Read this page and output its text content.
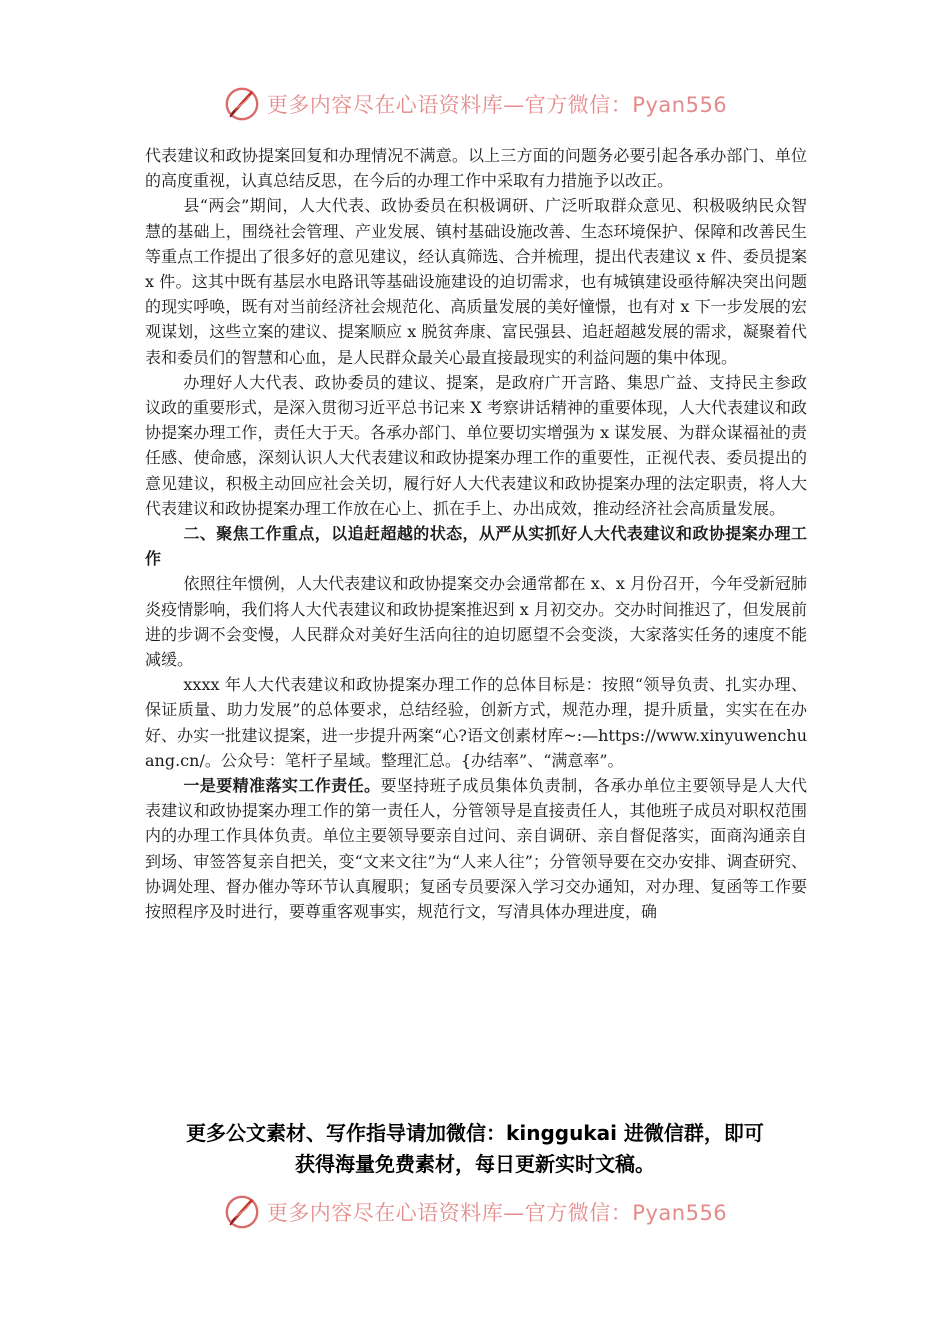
更多内容尽在心语资料库—官方微信：Pyan556

代表建议和政协提案回复和办理情况不满意。以上三方面的问题务必要引起各承办部门、单位的高度重视，认真总结反思，在今后的办理工作中采取有力措施予以改正。

县“两会”期间，人大代表、政协委员在积极调研、广泛听取群众意见、积极吸纳民众智慧的基础上，围绕社会管理、产业发展、镇村基础设施改善、生态环境保护、保障和改善民生等重点工作提出了很多好的意见建议，经认真筛选、合并梳理，提出代表建议 x 件、委员提案 x 件。这其中既有基层水电路讯等基础设施建设的迫切需求，也有城镇建设亟待解决突出问题的现实呼唤，既有对当前经济社会规范化、高质量发展的美好憧憬，也有对 x 下一步发展的宏观谋划，这些立案的建议、提案顺应 x 脱贫奔康、富民强县、追赶超越发展的需求，凝聚着代表和委员们的智慧和心血，是人民群众最关心最直接最现实的利益问题的集中体现。

办理好人大代表、政协委员的建议、提案，是政府广开言路、集思广益、支持民主参政议政的重要形式，是深入贯彻习近平总书记来 X 考察讲话精神的重要体现，人大代表建议和政协提案办理工作，责任大于天。各承办部门、单位要切实增强为 x 谋发展、为群众谋福祉的责任感、使命感，深刻认识人大代表建议和政协提案办理工作的重要性，正视代表、委员提出的意见建议，积极主动回应社会关切，履行好人大代表建议和政协提案办理的法定职责，将人大代表建议和政协提案办理工作放在心上、抓在手上、办出成效，推动经济社会高质量发展。

二、聚焦工作重点，以追赶超越的状态，从严从实抓好人大代表建议和政协提案办理工作

依照往年惯例，人大代表建议和政协提案交办会通常都在 x、x 月份召开，今年受新冠肺炎疫情影响，我们将人大代表建议和政协提案推迟到 x 月初交办。交办时间推迟了，但发展前进的步调不会变慢，人民群众对美好生活向往的迫切愿望不会变淡，大家落实任务的速度不能减缓。

xxxx 年人大代表建议和政协提案办理工作的总体目标是：按照“领导负责、扎实办理、保证质量、助力发展”的总体要求，总结经验，创新方式，规范办理，提升质量，实实在在办好、办实一批建议提案，进一步提升两案“心?语文创素材库~:—https://www.xinyuwenchuang.cn/。公众号：笔杆子星域。整理汇总。{办结率”、“满意率”。

一是要精准落实工作责任。要坚持班子成员集体负责制，各承办单位主要领导是人大代表建议和政协提案办理工作的第一责任人，分管领导是直接责任人，其他班子成员对职权范围内的办理工作具体负责。单位主要领导要亲自过问、亲自调研、亲自督促落实，面商沟通亲自到场、审签答复亲自把关，变“文来文往”为“人来人往”；分管领导要在交办安排、调查研究、协调处理、督办催办等环节认真履职；复函专员要深入学习交办通知，对办理、复函等工作要按照程序及时进行，要尊重客观事实，规范行文，写清具体办理进度，确

更多公文素材、写作指导请加微信：kinggukai 进微信群，即可
获得海量免费素材，每日更新实时文稿。
更多内容尽在心语资料库—官方微信：Pyan556
